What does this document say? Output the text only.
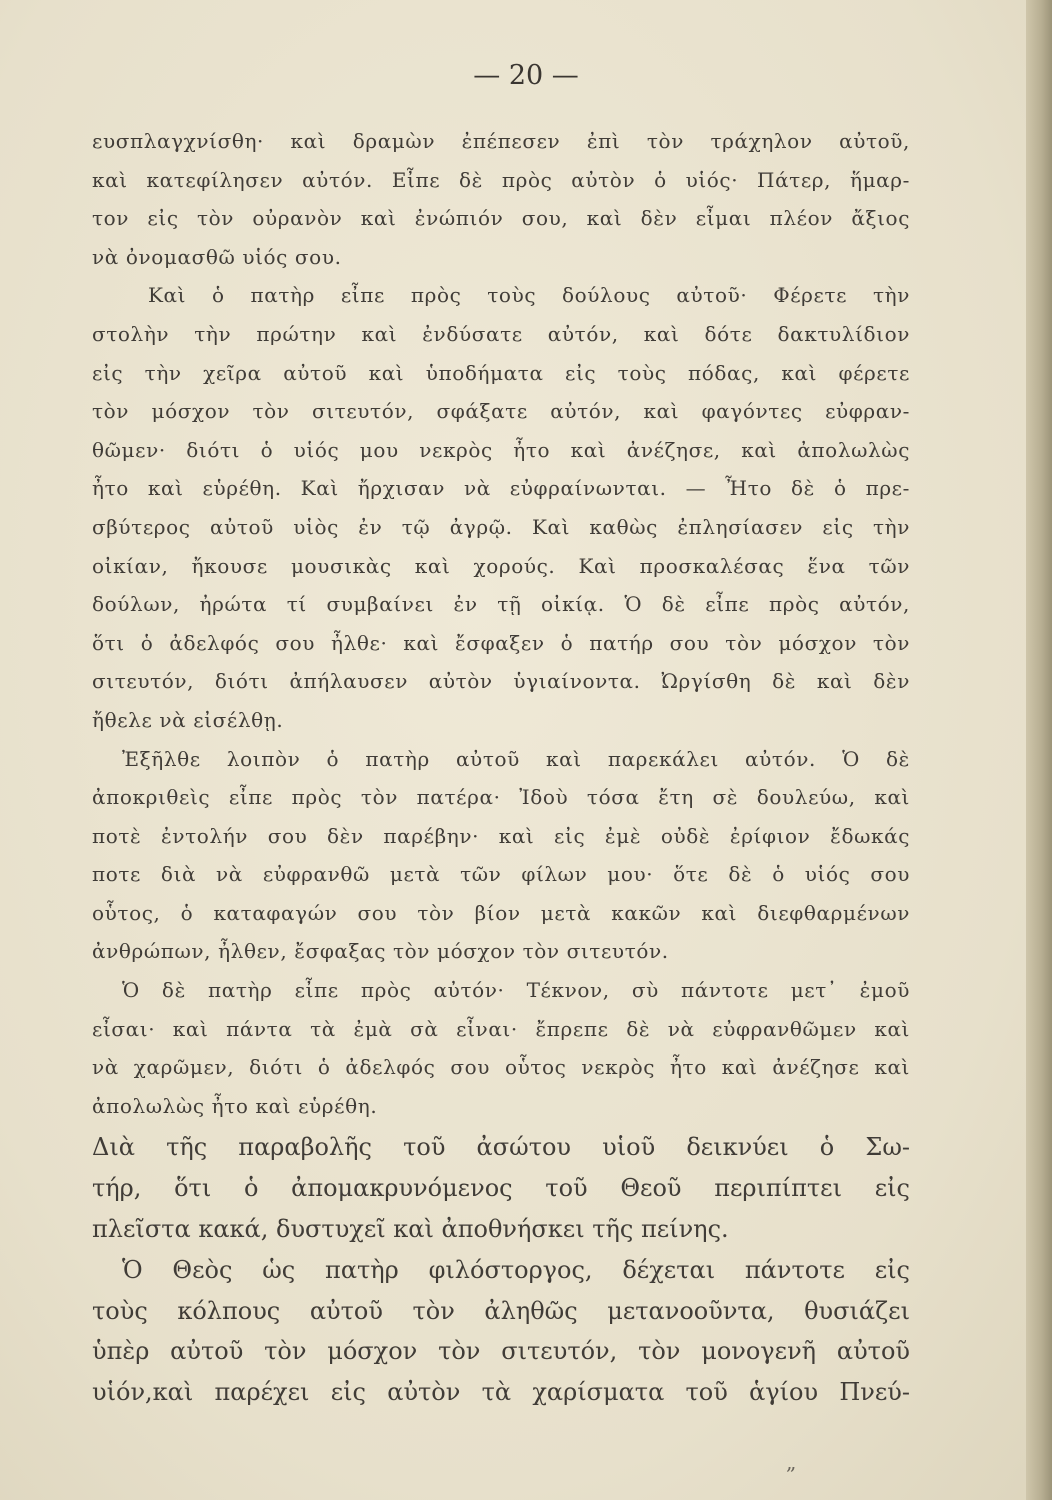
— 20 —
ευσπλαγχνίσθη· καὶ δραμὼν ἐπέπεσεν ἐπὶ τὸν τράχηλον αὐτοῦ,
καὶ κατεφίλησεν αὐτόν. Εἶπε δὲ πρὸς αὐτὸν ὁ υἱός· Πάτερ, ἥμαρ-
τον εἰς τὸν οὐρανὸν καὶ ἐνώπιόν σου, καὶ δὲν εἶμαι πλέον ἄξιος
νὰ ὀνομασθῶ υἱός σου.
Καὶ ὁ πατὴρ εἶπε πρὸς τοὺς δούλους αὐτοῦ· Φέρετε τὴν
στολὴν τὴν πρώτην καὶ ἐνδύσατε αὐτόν, καὶ δότε δακτυλίδιον
εἰς τὴν χεῖρα αὐτοῦ καὶ ὑποδήματα εἰς τοὺς πόδας, καὶ φέρετε
τὸν μόσχον τὸν σιτευτόν, σφάξατε αὐτόν, καὶ φαγόντες εὐφραν-
θῶμεν· διότι ὁ υἱός μου νεκρὸς ἦτο καὶ ἀνέζησε, καὶ ἀπολωλὼς
ἦτο καὶ εὑρέθη. Καὶ ἤρχισαν νὰ εὐφραίνωνται. — Ἦτο δὲ ὁ πρε-
σβύτερος αὐτοῦ υἱὸς ἐν τῷ ἀγρῷ. Καὶ καθὼς ἐπλησίασεν εἰς τὴν
οἰκίαν, ἤκουσε μουσικὰς καὶ χορούς. Καὶ προσκαλέσας ἕνα τῶν
δούλων, ἠρώτα τί συμβαίνει ἐν τῇ οἰκίᾳ. Ὁ δὲ εἶπε πρὸς αὐτόν,
ὅτι ὁ ἀδελφός σου ἦλθε· καὶ ἔσφαξεν ὁ πατήρ σου τὸν μόσχον τὸν
σιτευτόν, διότι ἀπήλαυσεν αὐτὸν ὑγιαίνοντα. Ὠργίσθη δὲ καὶ δὲν
ἤθελε νὰ εἰσέλθῃ.
Ἐξῆλθε λοιπὸν ὁ πατὴρ αὐτοῦ καὶ παρεκάλει αὐτόν. Ὁ δὲ
ἀποκριθεὶς εἶπε πρὸς τὸν πατέρα· Ἰδοὺ τόσα ἔτη σὲ δουλεύω, καὶ
ποτὲ ἐντολήν σου δὲν παρέβην· καὶ εἰς ἐμὲ οὐδὲ ἐρίφιον ἔδωκάς
ποτε διὰ νὰ εὐφρανθῶ μετὰ τῶν φίλων μου· ὅτε δὲ ὁ υἱός σου
οὗτος, ὁ καταφαγών σου τὸν βίον μετὰ κακῶν καὶ διεφθαρμένων
ἀνθρώπων, ἦλθεν, ἔσφαξας τὸν μόσχον τὸν σιτευτόν.
Ὁ δὲ πατὴρ εἶπε πρὸς αὐτόν· Τέκνον, σὺ πάντοτε μετ᾽ ἐμοῦ
εἶσαι· καὶ πάντα τὰ ἐμὰ σὰ εἶναι· ἔπρεπε δὲ νὰ εὐφρανθῶμεν καὶ
νὰ χαρῶμεν, διότι ὁ ἀδελφός σου οὗτος νεκρὸς ἦτο καὶ ἀνέζησε καὶ
ἀπολωλὼς ἦτο καὶ εὑρέθη.
Διὰ τῆς παραβολῆς τοῦ ἀσώτου υἱοῦ δεικνύει ὁ Σω-
τήρ, ὅτι ὁ ἀπομακρυνόμενος τοῦ Θεοῦ περιπίπτει εἰς
πλεῖστα κακά, δυστυχεῖ καὶ ἀποθνήσκει τῆς πείνης.
Ὁ Θεὸς ὡς πατὴρ φιλόστοργος, δέχεται πάντοτε εἰς
τοὺς κόλπους αὐτοῦ τὸν ἀληθῶς μετανοοῦντα, θυσιάζει
ὑπὲρ αὐτοῦ τὸν μόσχον τὸν σιτευτόν, τὸν μονογενῆ αὐτοῦ
υἱόν,καὶ παρέχει εἰς αὐτὸν τὰ χαρίσματα τοῦ ἁγίου Πνεύ-
„
